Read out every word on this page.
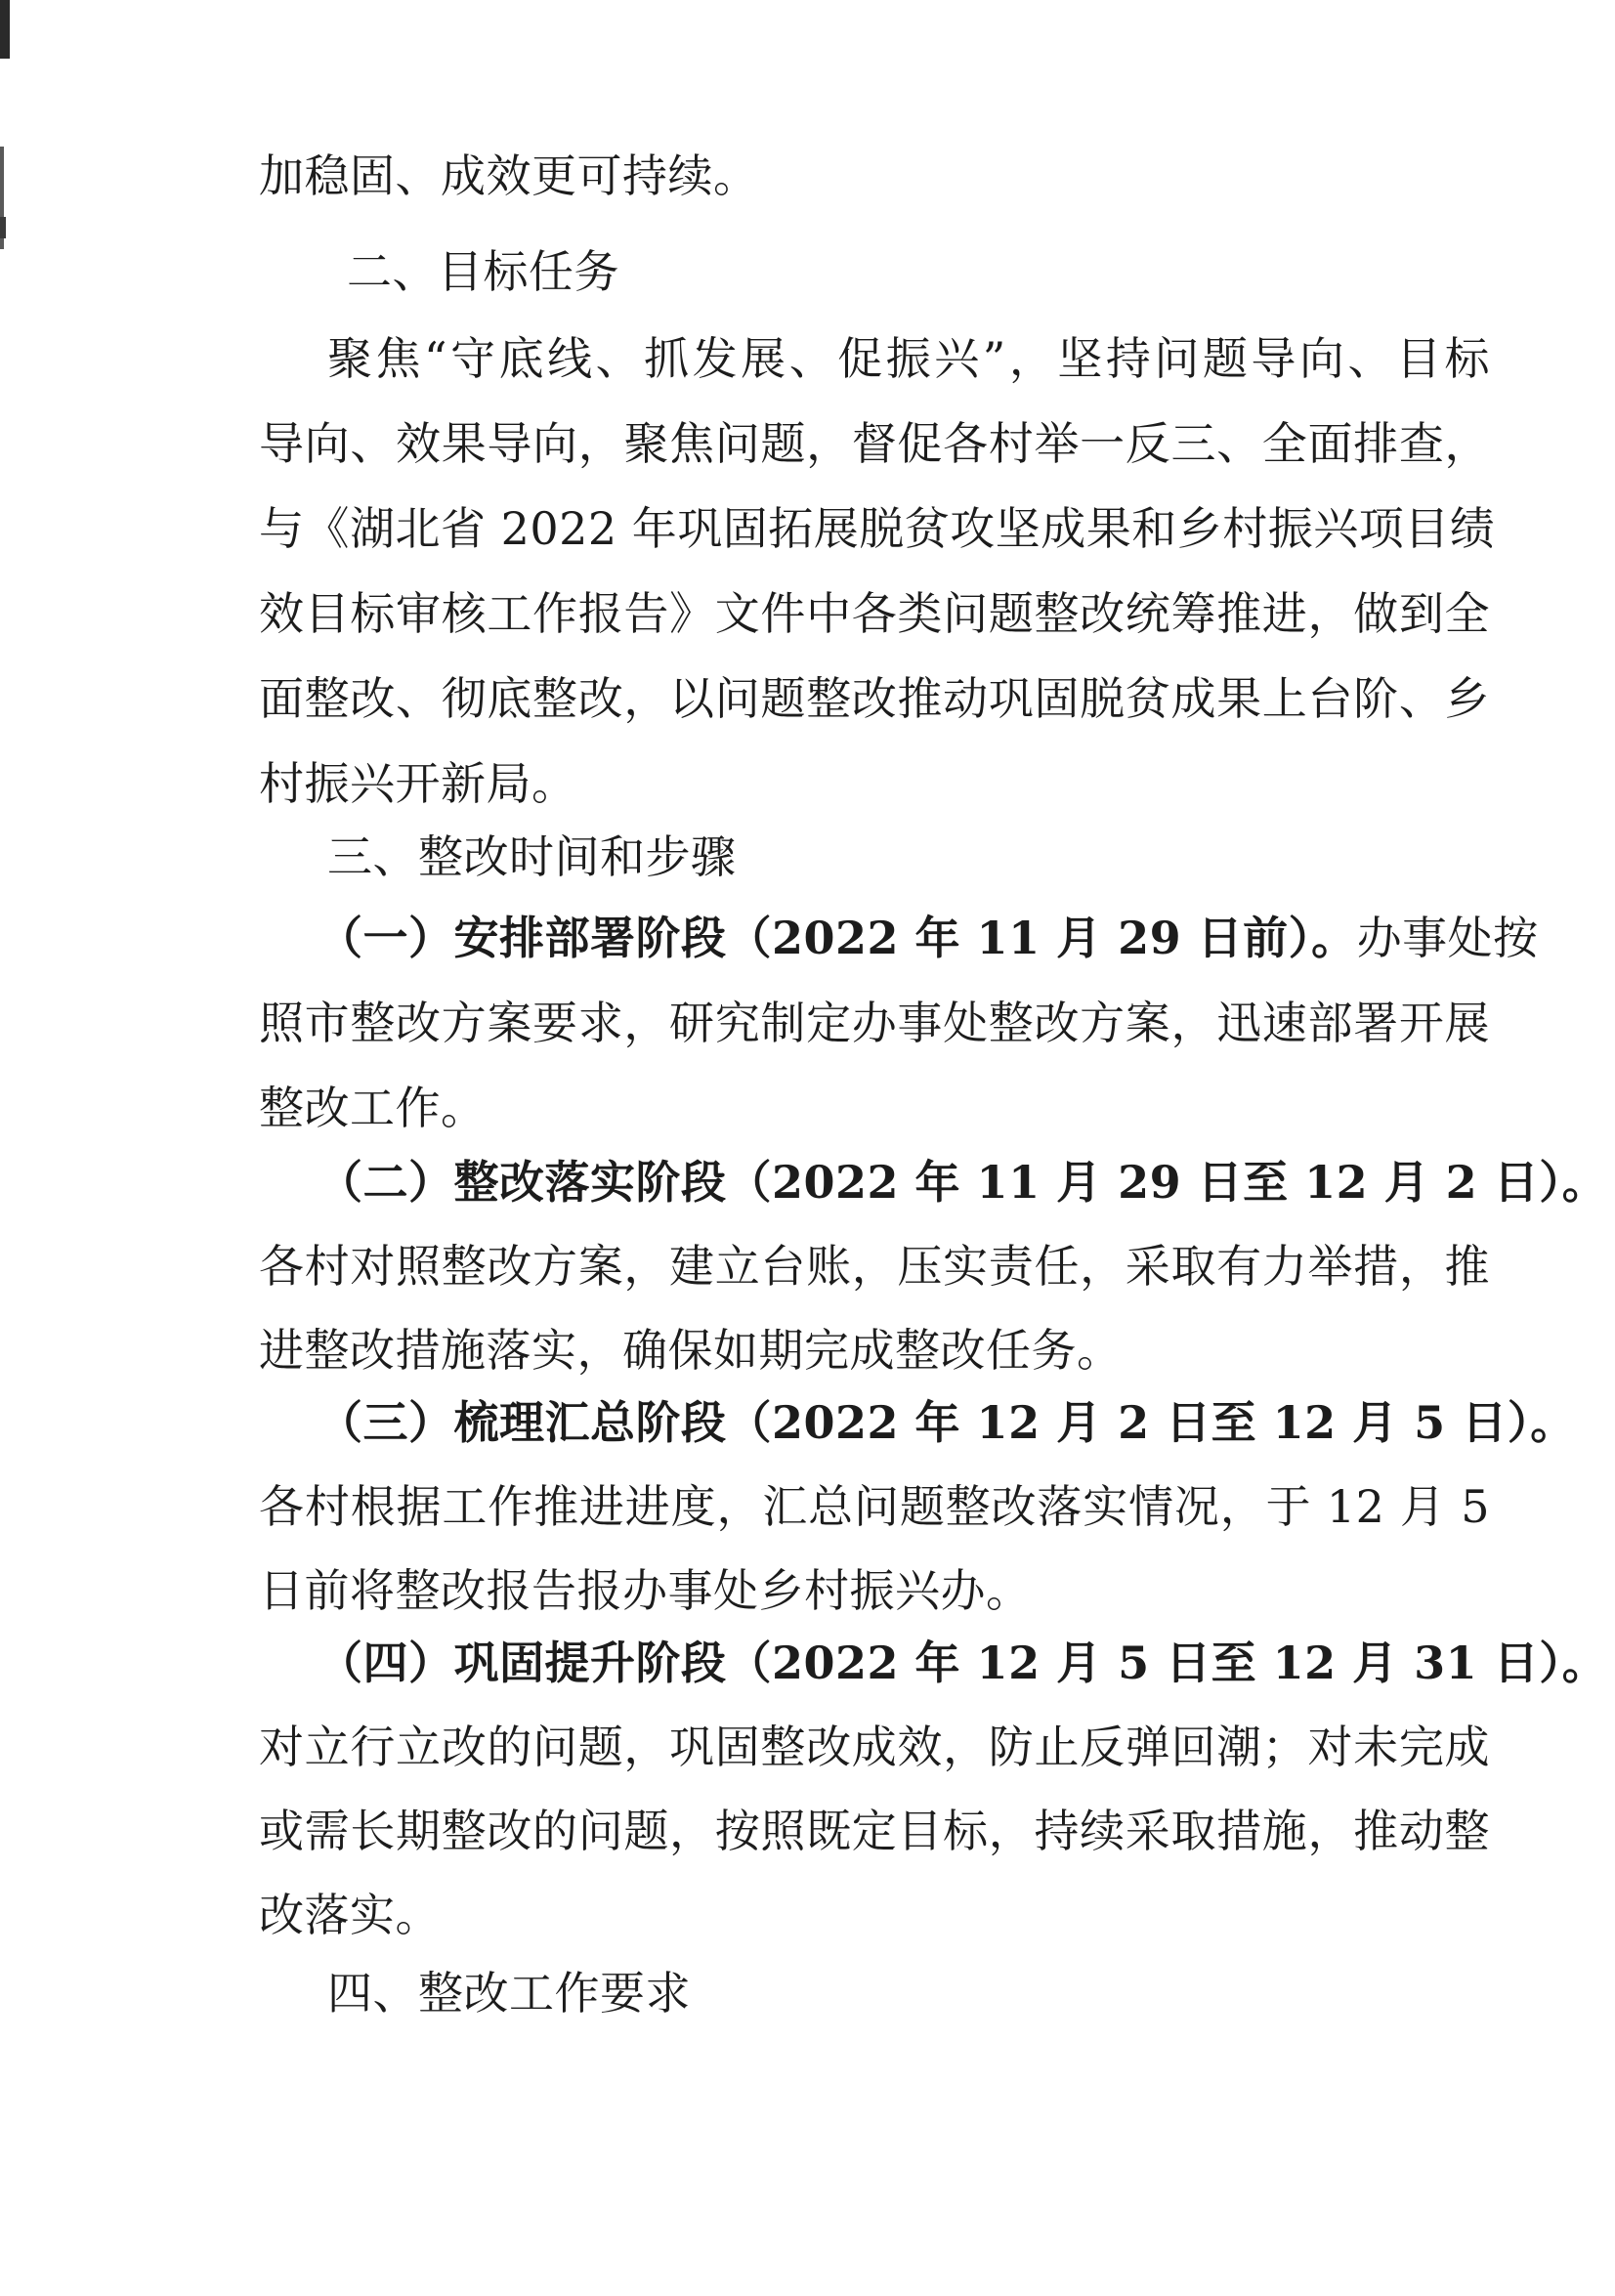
加稳固、成效更可持续。
二、目标任务
聚焦“守底线、抓发展、促振兴”，坚持问题导向、目标
导向、效果导向，聚焦问题，督促各村举一反三、全面排查，
与《湖北省 2022 年巩固拓展脱贫攻坚成果和乡村振兴项目绩
效目标审核工作报告》文件中各类问题整改统筹推进，做到全
面整改、彻底整改，以问题整改推动巩固脱贫成果上台阶、乡
村振兴开新局。
三、整改时间和步骤
（一）安排部署阶段（2022 年 11 月 29 日前）。办事处按
照市整改方案要求，研究制定办事处整改方案，迅速部署开展
整改工作。
（二）整改落实阶段（2022 年 11 月 29 日至 12 月 2 日）。
各村对照整改方案，建立台账，压实责任，采取有力举措，推
进整改措施落实，确保如期完成整改任务。
（三）梳理汇总阶段（2022 年 12 月 2 日至 12 月 5 日）。
各村根据工作推进进度，汇总问题整改落实情况，于 12 月 5
日前将整改报告报办事处乡村振兴办。
（四）巩固提升阶段（2022 年 12 月 5 日至 12 月 31 日）。
对立行立改的问题，巩固整改成效，防止反弹回潮；对未完成
或需长期整改的问题，按照既定目标，持续采取措施，推动整
改落实。
四、整改工作要求
